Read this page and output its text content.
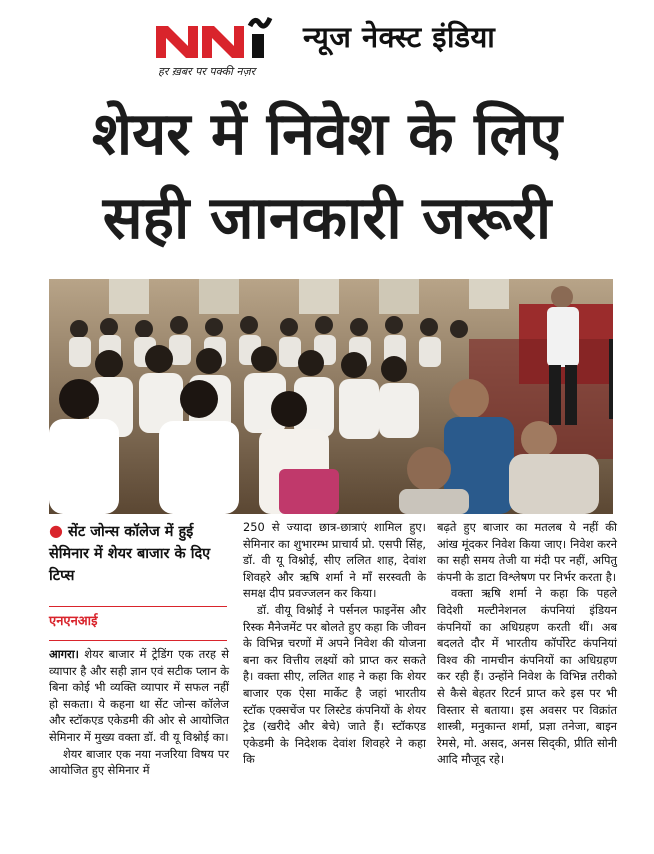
हर ख़बर पर पक्की नज़र
न्यूज नेक्स्ट इंडिया
शेयर में निवेश के लिए
सही जानकारी जरूरी
● सेंट जोन्स कॉलेज में हुई सेमिनार में शेयर बाजार के दिए टिप्स
एनएनआई

आगरा। शेयर बाजार में ट्रेडिंग एक तरह से व्यापार है और सही ज्ञान एवं सटीक प्लान के बिना कोई भी व्यक्ति व्यापार में सफल नहीं हो सकता। ये कहना था सेंट जोन्स कॉलेज और स्टॉकएड एकेडमी की ओर से आयोजित सेमिनार में मुख्य वक्ता डॉ. वी यू विश्नोई का।

शेयर बाजार एक नया नजरिया विषय पर आयोजित हुए सेमिनार में

250 से ज्यादा छात्र-छात्राएं शामिल हुए। सेमिनार का शुभारम्भ प्राचार्य प्रो. एसपी सिंह, डॉ. वी यू विश्नोई, सीए ललित शाह, देवांश शिवहरे और ऋषि शर्मा ने माँ सरस्वती के समक्ष दीप प्रवज्जलन कर किया।

डॉ. वीयू विश्नोई ने पर्सनल फाइनेंस और रिस्क मैनेजमेंट पर बोलते हुए कहा कि जीवन के विभिन्न चरणों में अपने निवेश की योजना बना कर वित्तीय लक्ष्यों को प्राप्त कर सकते है। वक्ता सीए, ललित शाह ने कहा कि शेयर बाजार एक ऐसा मार्केट है जहां भारतीय स्टॉक एक्सचेंज पर लिस्टेड कंपनियों के शेयर ट्रेड (खरीदे और बेचे) जाते हैं। स्टॉकएड एकेडमी के निदेशक देवांश शिवहरे ने कहा कि

बढ़ते हुए बाजार का मतलब ये नहीं की आंख मूंदकर निवेश किया जाए। निवेश करने का सही समय तेजी या मंदी पर नहीं, अपितु कंपनी के डाटा विश्लेषण पर निर्भर करता है।

वक्ता ऋषि शर्मा ने कहा कि पहले विदेशी मल्टीनेशनल कंपनियां इंडियन कंपनियों का अधिग्रहण करती थीं। अब बदलते दौर में भारतीय कॉर्पोरेट कंपनियां विश्व की नामचीन कंपनियों का अधिग्रहण कर रही हैं। उन्होंने निवेश के विभिन्न तरीको से कैसे बेहतर रिटर्न प्राप्त करे इस पर भी विस्तार से बताया। इस अवसर पर विक्रांत शास्त्री, मनुकान्त शर्मा, प्रज्ञा तनेजा, बाइन रेमसे, मो. असद, अनस सिद्की, प्रीति सोनी आदि मौजूद रहे।
